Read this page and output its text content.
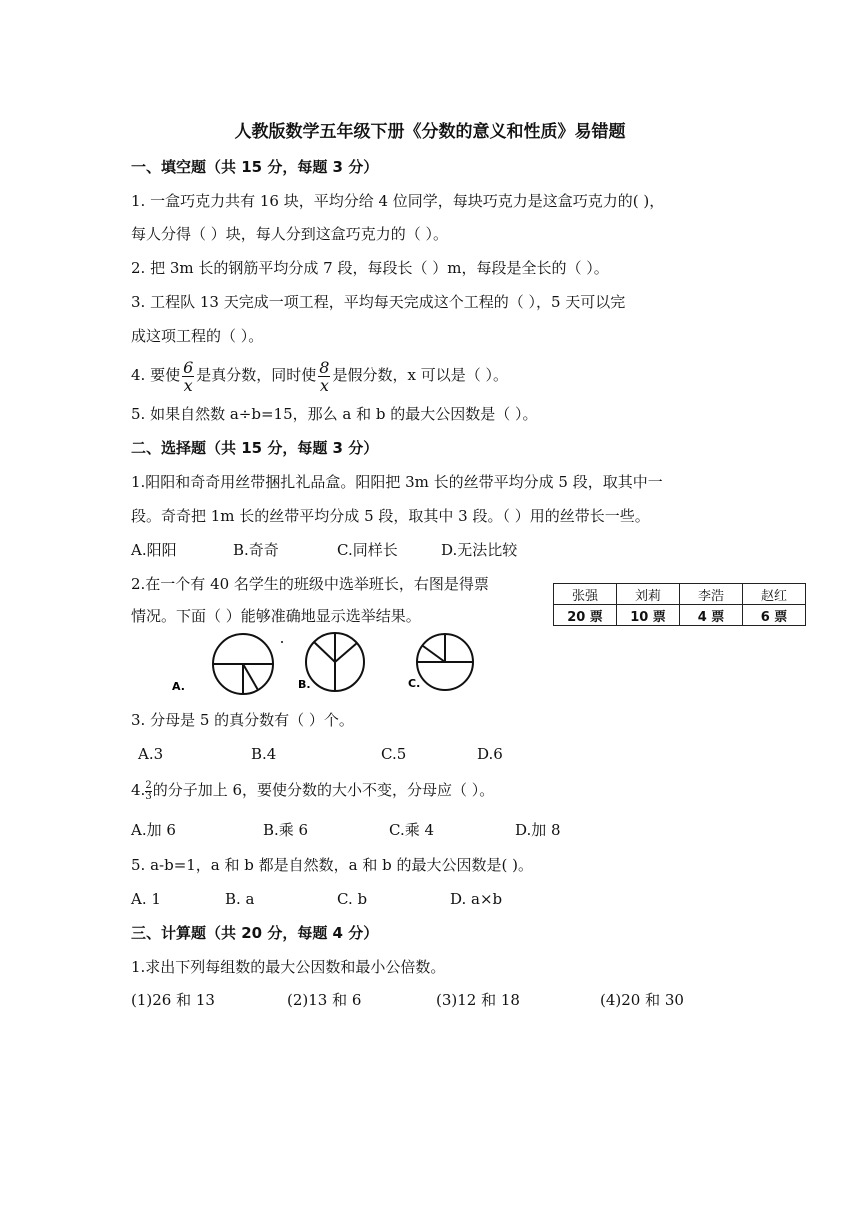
人教版数学五年级下册《分数的意义和性质》易错题
一、填空题（共 15 分，每题 3 分）
1. 一盒巧克力共有 16 块，平均分给 4 位同学，每块巧克力是这盒巧克力的( )，
每人分得（ ）块，每人分到这盒巧克力的（ ）。
2. 把 3m 长的钢筋平均分成 7 段，每段长（ ）m，每段是全长的（ ）。
3. 工程队 13 天完成一项工程，平均每天完成这个工程的（ ），5 天可以完
成这项工程的（ ）。
4. 要使 $\frac{6}{x}$ 是真分数，同时使 $\frac{8}{x}$ 是假分数，x 可以是（ ）。
5. 如果自然数 a÷b=15，那么 a 和 b 的最大公因数是（ ）。
二、选择题（共 15 分，每题 3 分）
1.阳阳和奇奇用丝带捆扎礼品盒。阳阳把 3m 长的丝带平均分成 5 段，取其中一
段。奇奇把 1m 长的丝带平均分成 5 段，取其中 3 段。（ ）用的丝带长一些。
A.阳阳	B.奇奇	C.同样长	D.无法比较
2.在一个有 40 名学生的班级中选举班长，右图是得票
情况。下面（ ）能够准确地显示选举结果。
张强	刘莉	李浩	赵红
20 票	10 票	4 票	6 票
A.	B.	C.
3. 分母是 5 的真分数有（ ）个。
A.3	B.4	C.5	D.6
4. $\frac{2}{3}$ 的分子加上 6，要使分数的大小不变，分母应（ ）。
A.加 6	B.乘 6	C.乘 4	D.加 8
5. a-b=1，a 和 b 都是自然数，a 和 b 的最大公因数是( )。
A. 1	B. a	C. b	D. a×b
三、计算题（共 20 分，每题 4 分）
1.求出下列每组数的最大公因数和最小公倍数。
(1)26 和 13	(2)13 和 6	(3)12 和 18	(4)20 和 30
